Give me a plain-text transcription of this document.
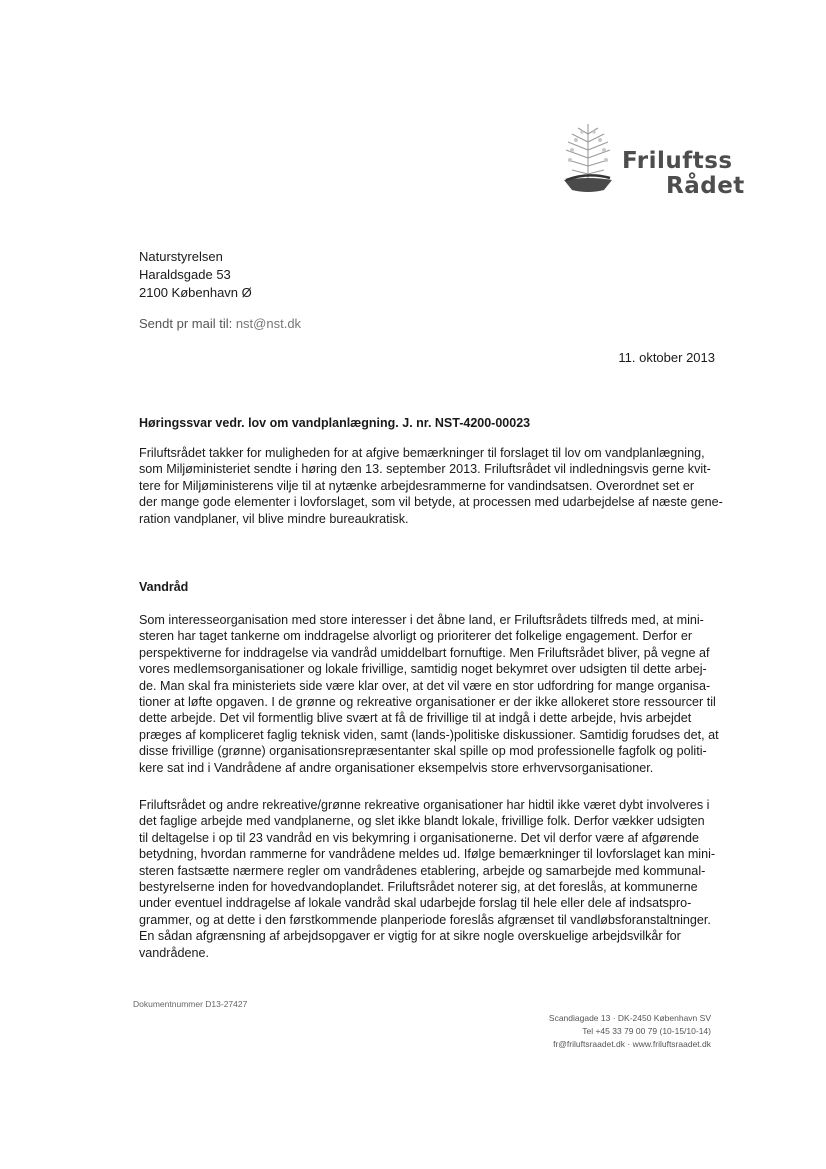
Friluftss
Rådet
Naturstyrelsen
Haraldsgade 53
2100 København Ø
Sendt pr mail til: nst@nst.dk
11. oktober 2013
Høringssvar vedr. lov om vandplanlægning. J. nr. NST-4200-00023
Friluftsrådet takker for muligheden for at afgive bemærkninger til forslaget til lov om vandplanlægning,
som Miljøministeriet sendte i høring den 13. september 2013. Friluftsrådet vil indledningsvis gerne kvit-
tere for Miljøministerens vilje til at nytænke arbejdesrammerne for vandindsatsen. Overordnet set er
der mange gode elementer i lovforslaget, som vil betyde, at processen med udarbejdelse af næste gene-
ration vandplaner, vil blive mindre bureaukratisk.
Vandråd
Som interesseorganisation med store interesser i det åbne land, er Friluftsrådets tilfreds med, at mini-
steren har taget tankerne om inddragelse alvorligt og prioriterer det folkelige engagement. Derfor er
perspektiverne for inddragelse via vandråd umiddelbart fornuftige. Men Friluftsrådet bliver, på vegne af
vores medlemsorganisationer og lokale frivillige, samtidig noget bekymret over udsigten til dette arbej-
de. Man skal fra ministeriets side være klar over, at det vil være en stor udfordring for mange organisa-
tioner at løfte opgaven. I de grønne og rekreative organisationer er der ikke allokeret store ressourcer til
dette arbejde. Det vil formentlig blive svært at få de frivillige til at indgå i dette arbejde, hvis arbejdet
præges af kompliceret faglig teknisk viden, samt (lands-)politiske diskussioner. Samtidig forudses det, at
disse frivillige (grønne) organisationsrepræsentanter skal spille op mod professionelle fagfolk og politi-
kere sat ind i Vandrådene af andre organisationer eksempelvis store erhvervsorganisationer.
Friluftsrådet og andre rekreative/grønne rekreative organisationer har hidtil ikke været dybt involveres i
det faglige arbejde med vandplanerne, og slet ikke blandt lokale, frivillige folk. Derfor vækker udsigten
til deltagelse i op til 23 vandråd en vis bekymring i organisationerne. Det vil derfor være af afgørende
betydning, hvordan rammerne for vandrådene meldes ud. Ifølge bemærkninger til lovforslaget kan mini-
steren fastsætte nærmere regler om vandrådenes etablering, arbejde og samarbejde med kommunal-
bestyrelserne inden for hovedvandoplandet. Friluftsrådet noterer sig, at det foreslås, at kommunerne
under eventuel inddragelse af lokale vandråd skal udarbejde forslag til hele eller dele af indsatspro-
grammer, og at dette i den førstkommende planperiode foreslås afgrænset til vandløbsforanstaltninger.
En sådan afgrænsning af arbejdsopgaver er vigtig for at sikre nogle overskuelige arbejdsvilkår for
vandrådene.
Dokumentnummer D13-27427
Scandiagade 13 · DK-2450 København SV
Tel +45 33 79 00 79 (10-15/10-14)
fr@friluftsraadet.dk · www.friluftsraadet.dk
